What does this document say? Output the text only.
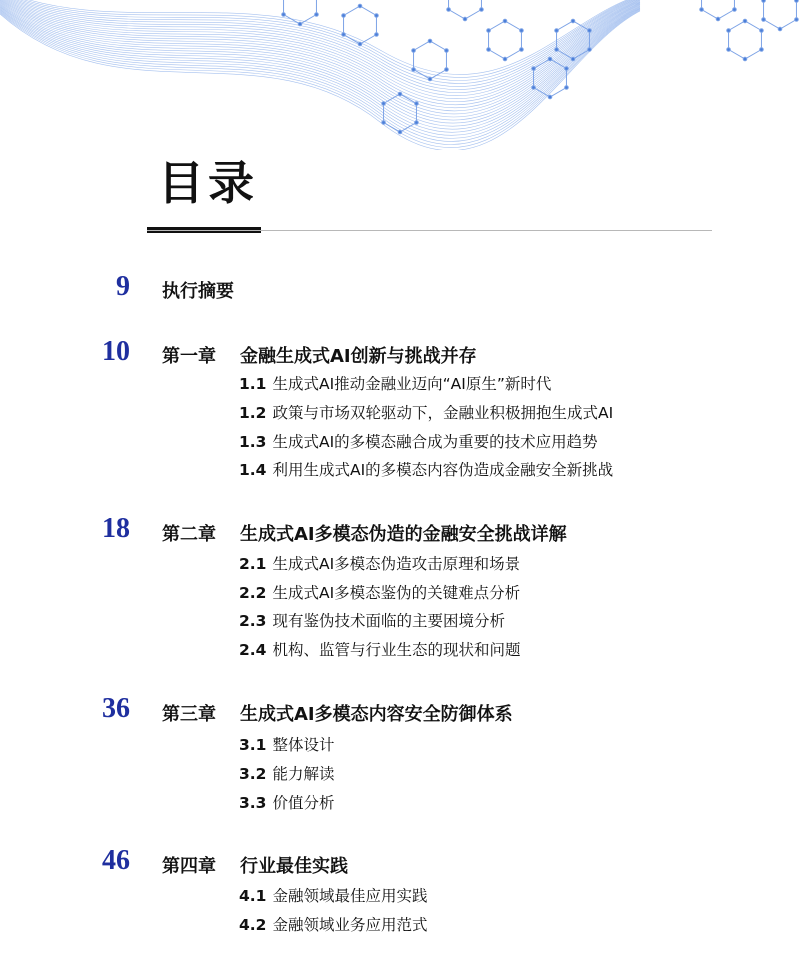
目录
9 执行摘要
10 第一章 金融生成式AI创新与挑战并存
1.1 生成式AI推动金融业迈向“AI原生”新时代
1.2 政策与市场双轮驱动下，金融业积极拥抱生成式AI
1.3 生成式AI的多模态融合成为重要的技术应用趋势
1.4 利用生成式AI的多模态内容伪造成金融安全新挑战
18 第二章 生成式AI多模态伪造的金融安全挑战详解
2.1 生成式AI多模态伪造攻击原理和场景
2.2 生成式AI多模态鉴伪的关键难点分析
2.3 现有鉴伪技术面临的主要困境分析
2.4 机构、监管与行业生态的现状和问题
36 第三章 生成式AI多模态内容安全防御体系
3.1 整体设计
3.2 能力解读
3.3 价值分析
46 第四章 行业最佳实践
4.1 金融领域最佳应用实践
4.2 金融领域业务应用范式
